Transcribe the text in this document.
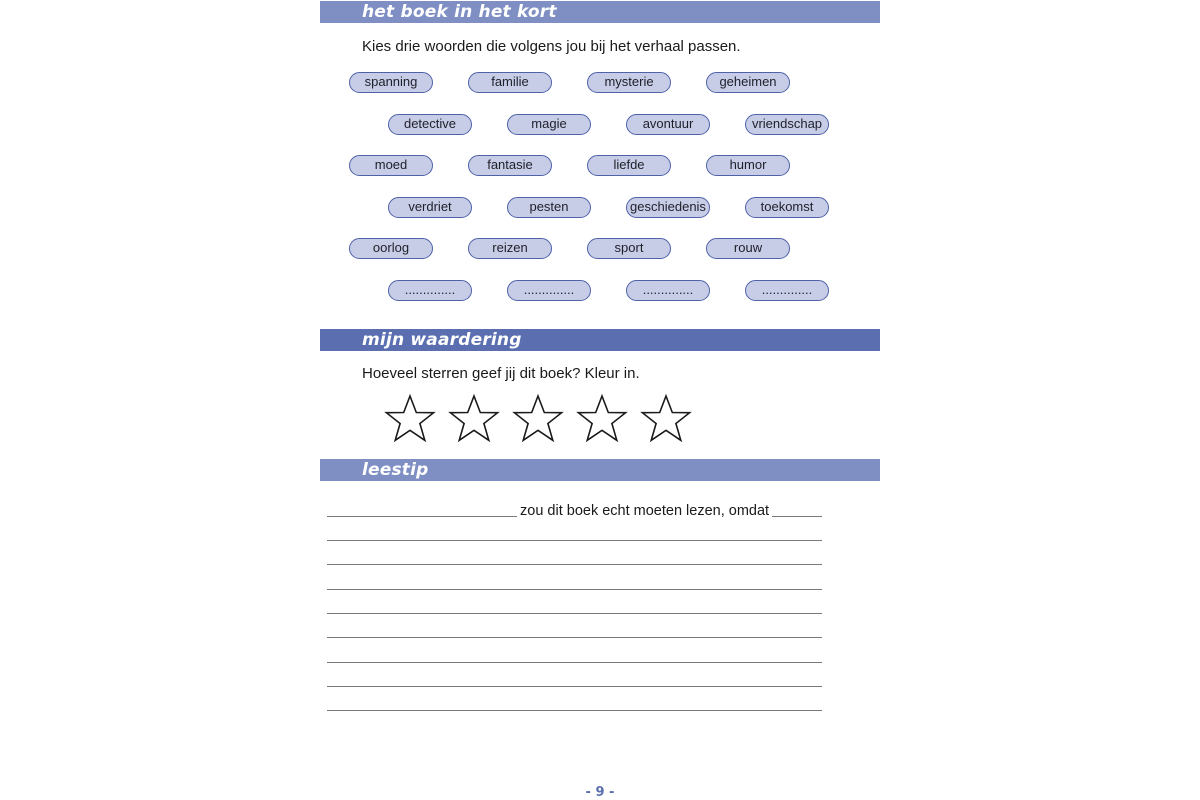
het boek in het kort
Kies drie woorden die volgens jou bij het verhaal passen.
spanning	familie	mysterie	geheimen
detective	magie	avontuur	vriendschap
moed	fantasie	liefde	humor
verdriet	pesten	geschiedenis	toekomst
oorlog	reizen	sport	rouw
..............	..............	..............	..............
mijn waardering
Hoeveel sterren geef jij dit boek? Kleur in.
leestip
zou dit boek echt moeten lezen, omdat
- 9 -
